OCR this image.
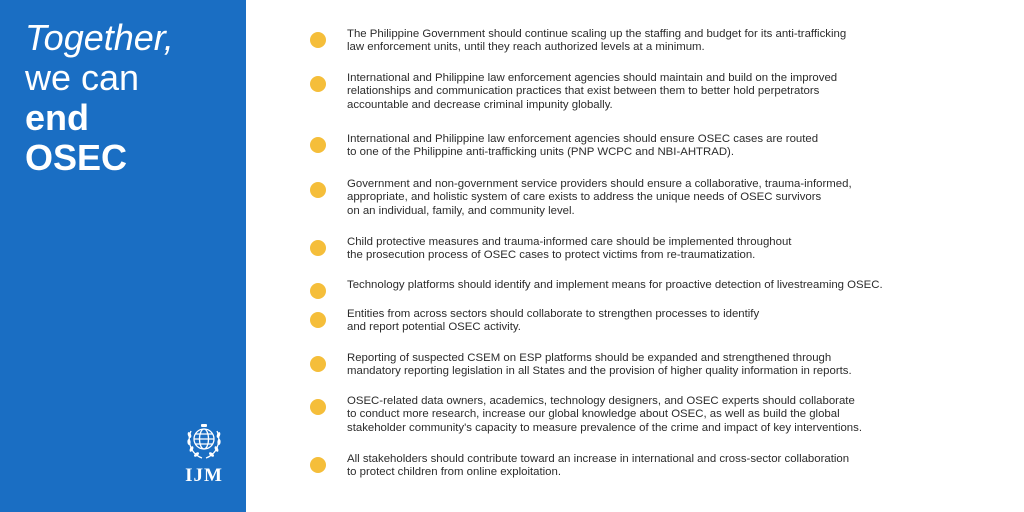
Together,
we can
end
OSEC
IJM
The Philippine Government should continue scaling up the staffing and budget for its anti-trafficking
law enforcement units, until they reach authorized levels at a minimum.
International and Philippine law enforcement agencies should maintain and build on the improved
relationships and communication practices that exist between them to better hold perpetrators
accountable and decrease criminal impunity globally.
International and Philippine law enforcement agencies should ensure OSEC cases are routed
to one of the Philippine anti-trafficking units (PNP WCPC and NBI-AHTRAD).
Government and non-government service providers should ensure a collaborative, trauma-informed,
appropriate, and holistic system of care exists to address the unique needs of OSEC survivors
on an individual, family, and community level.
Child protective measures and trauma-informed care should be implemented throughout
the prosecution process of OSEC cases to protect victims from re-traumatization.
Technology platforms should identify and implement means for proactive detection of livestreaming OSEC.
Entities from across sectors should collaborate to strengthen processes to identify
and report potential OSEC activity.
Reporting of suspected CSEM on ESP platforms should be expanded and strengthened through
mandatory reporting legislation in all States and the provision of higher quality information in reports.
OSEC-related data owners, academics, technology designers, and OSEC experts should collaborate
to conduct more research, increase our global knowledge about OSEC, as well as build the global
stakeholder community's capacity to measure prevalence of the crime and impact of key interventions.
All stakeholders should contribute toward an increase in international and cross-sector collaboration
to protect children from online exploitation.
